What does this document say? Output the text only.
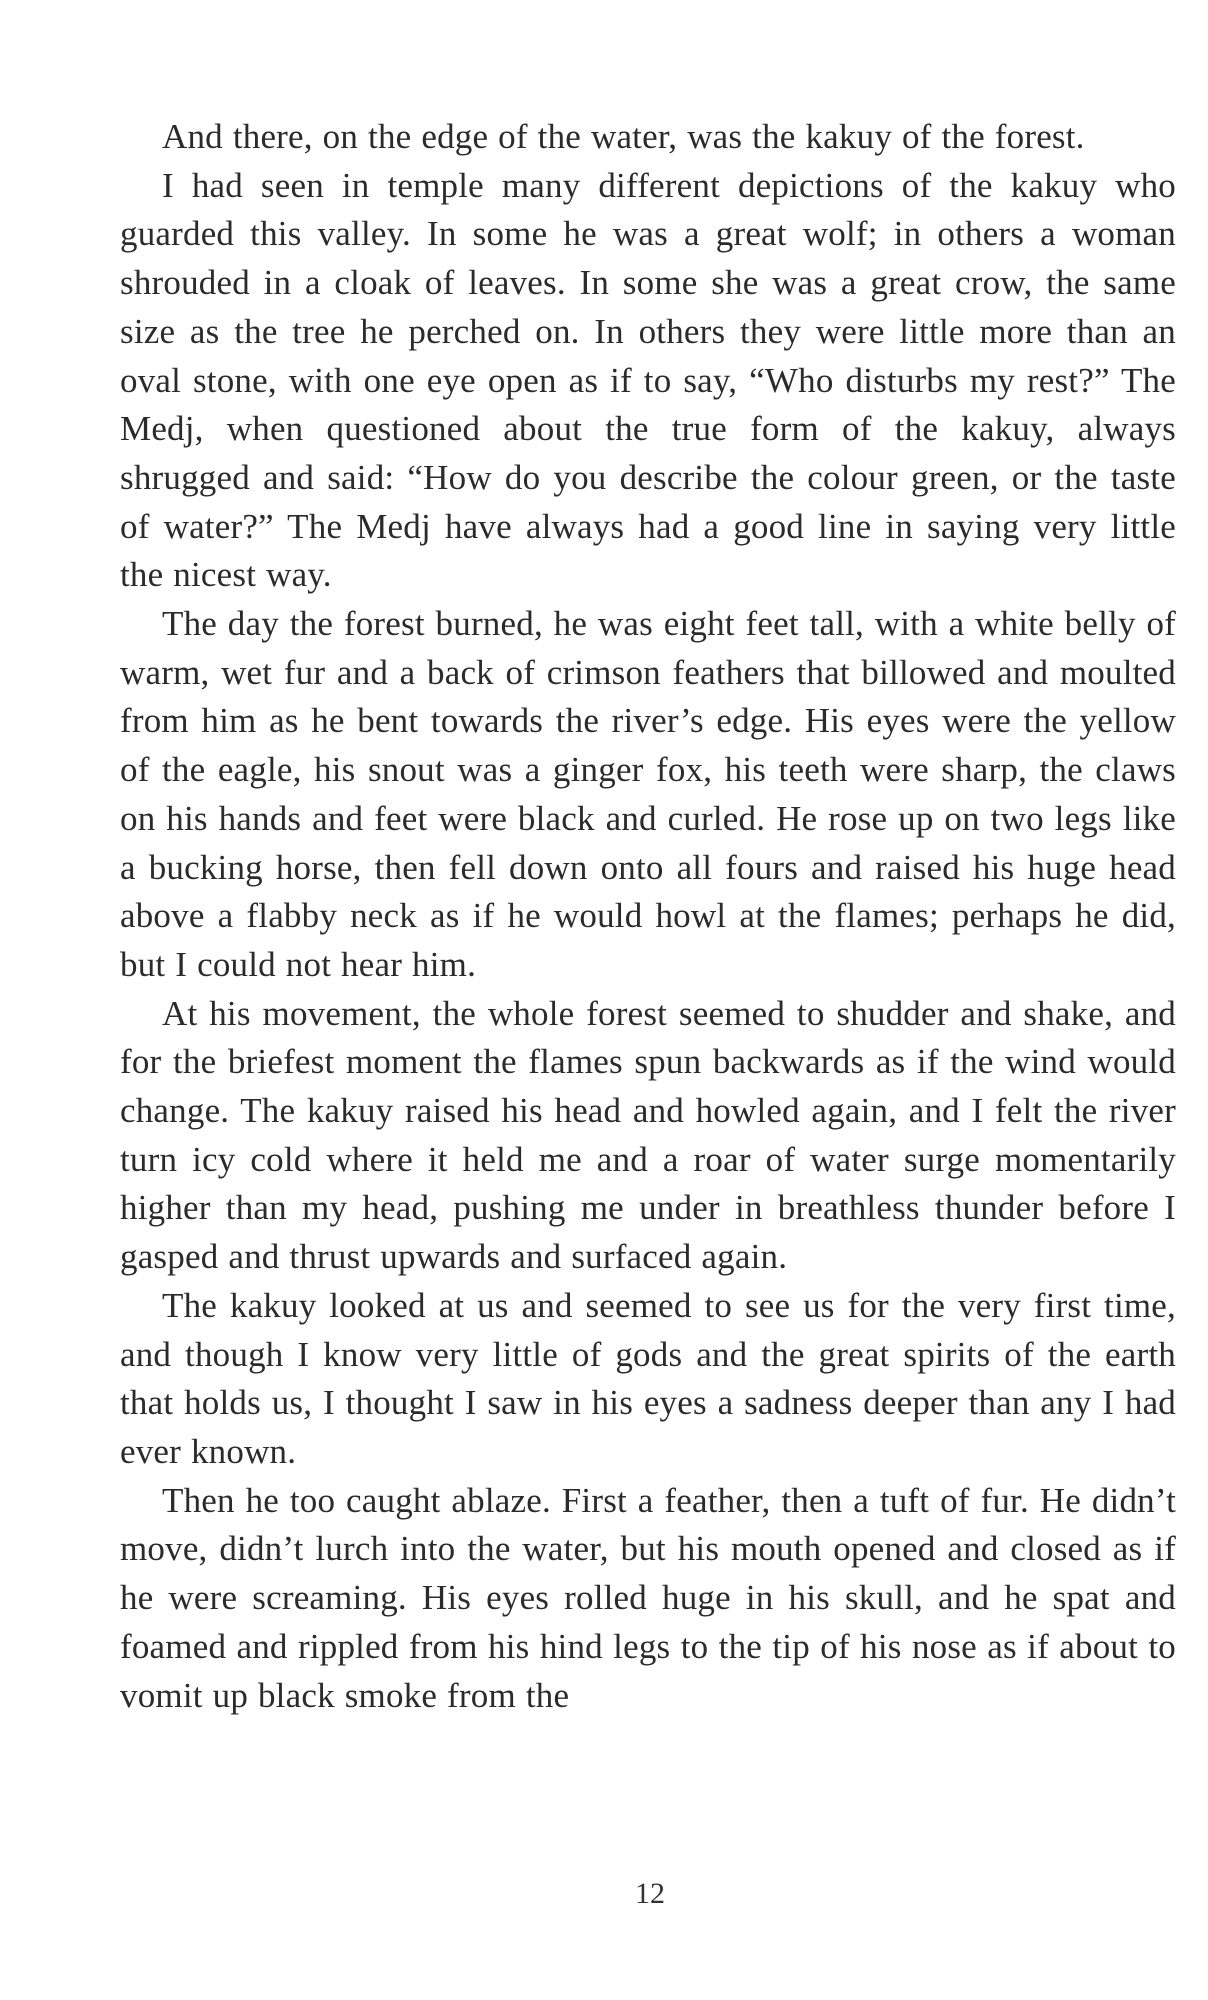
And there, on the edge of the water, was the kakuy of the forest.

I had seen in temple many different depictions of the kakuy who guarded this valley. In some he was a great wolf; in others a woman shrouded in a cloak of leaves. In some she was a great crow, the same size as the tree he perched on. In others they were little more than an oval stone, with one eye open as if to say, “Who disturbs my rest?” The Medj, when questioned about the true form of the kakuy, always shrugged and said: “How do you describe the colour green, or the taste of water?” The Medj have always had a good line in saying very little the nicest way.

The day the forest burned, he was eight feet tall, with a white belly of warm, wet fur and a back of crimson feathers that billowed and moulted from him as he bent towards the river’s edge. His eyes were the yellow of the eagle, his snout was a ginger fox, his teeth were sharp, the claws on his hands and feet were black and curled. He rose up on two legs like a bucking horse, then fell down onto all fours and raised his huge head above a flabby neck as if he would howl at the flames; perhaps he did, but I could not hear him.

At his movement, the whole forest seemed to shudder and shake, and for the briefest moment the flames spun backwards as if the wind would change. The kakuy raised his head and howled again, and I felt the river turn icy cold where it held me and a roar of water surge momentarily higher than my head, pushing me under in breathless thunder before I gasped and thrust upwards and surfaced again.

The kakuy looked at us and seemed to see us for the very first time, and though I know very little of gods and the great spirits of the earth that holds us, I thought I saw in his eyes a sadness deeper than any I had ever known.

Then he too caught ablaze. First a feather, then a tuft of fur. He didn’t move, didn’t lurch into the water, but his mouth opened and closed as if he were screaming. His eyes rolled huge in his skull, and he spat and foamed and rippled from his hind legs to the tip of his nose as if about to vomit up black smoke from the

12
